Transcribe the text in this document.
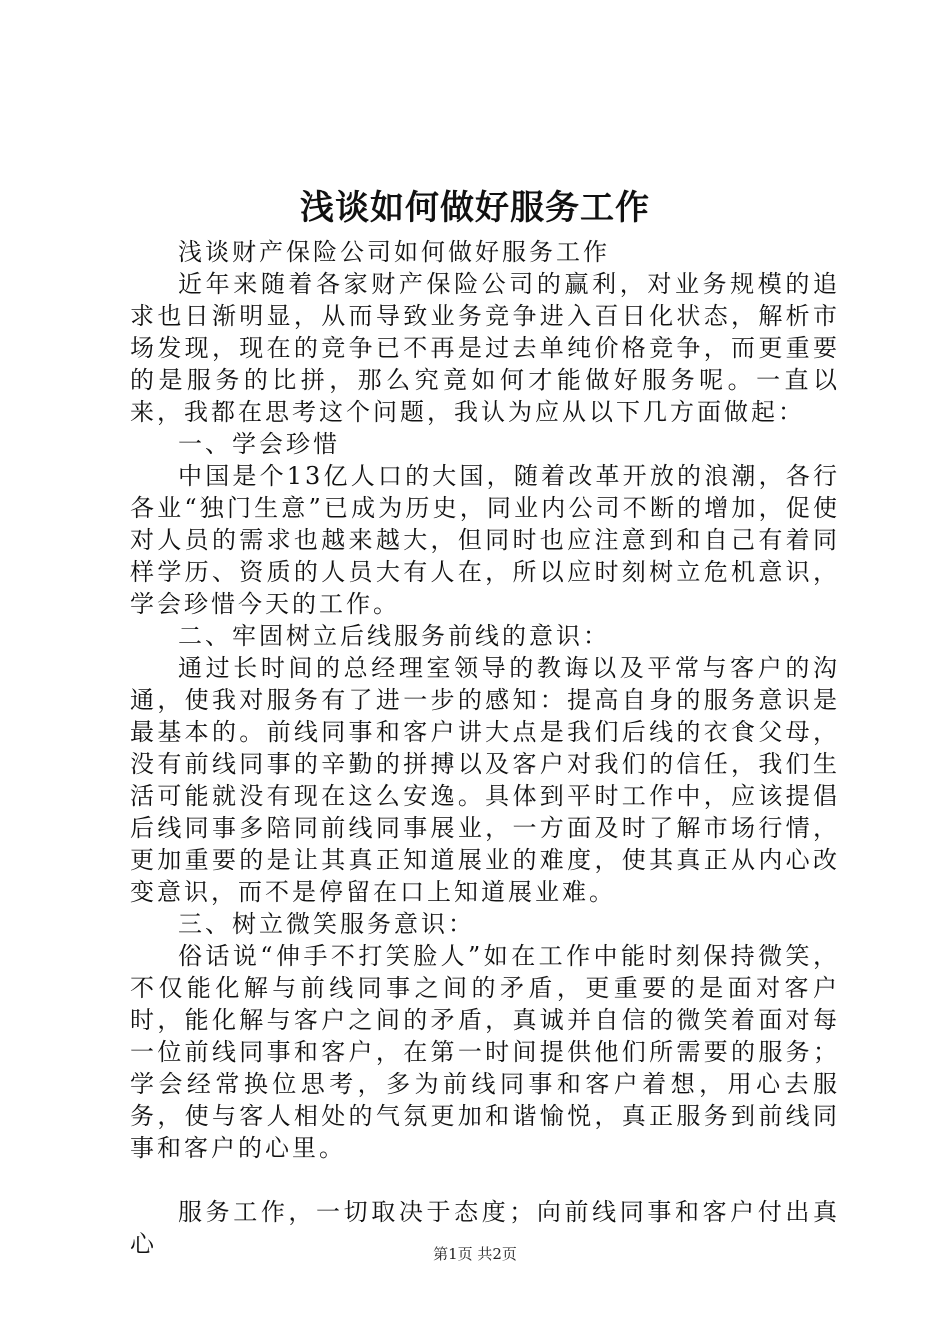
浅谈如何做好服务工作

浅谈财产保险公司如何做好服务工作

近年来随着各家财产保险公司的赢利，对业务规模的追求也日渐明显，从而导致业务竞争进入百日化状态，解析市场发现，现在的竞争已不再是过去单纯价格竞争，而更重要的是服务的比拼，那么究竟如何才能做好服务呢。一直以来，我都在思考这个问题，我认为应从以下几方面做起：

一、学会珍惜

中国是个13亿人口的大国，随着改革开放的浪潮，各行各业“独门生意”已成为历史，同业内公司不断的增加，促使对人员的需求也越来越大，但同时也应注意到和自己有着同样学历、资质的人员大有人在，所以应时刻树立危机意识，学会珍惜今天的工作。

二、牢固树立后线服务前线的意识：

通过长时间的总经理室领导的教诲以及平常与客户的沟通，使我对服务有了进一步的感知：提高自身的服务意识是最基本的。前线同事和客户讲大点是我们后线的衣食父母，没有前线同事的辛勤的拼搏以及客户对我们的信任，我们生活可能就没有现在这么安逸。具体到平时工作中，应该提倡后线同事多陪同前线同事展业，一方面及时了解市场行情，更加重要的是让其真正知道展业的难度，使其真正从内心改变意识，而不是停留在口上知道展业难。

三、树立微笑服务意识：

俗话说“伸手不打笑脸人”如在工作中能时刻保持微笑，不仅能化解与前线同事之间的矛盾，更重要的是面对客户时，能化解与客户之间的矛盾，真诚并自信的微笑着面对每一位前线同事和客户，在第一时间提供他们所需要的服务；学会经常换位思考，多为前线同事和客户着想，用心去服务，使与客人相处的气氛更加和谐愉悦，真正服务到前线同事和客户的心里。

服务工作，一切取决于态度；向前线同事和客户付出真心	第1页 共2页
